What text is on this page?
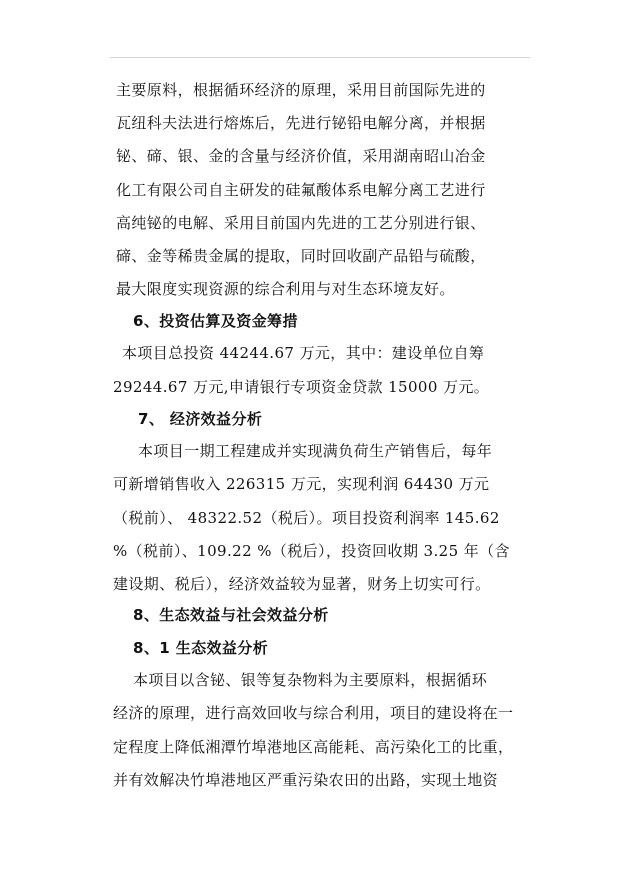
主要原料，根据循环经济的原理，采用目前国际先进的
瓦纽科夫法进行熔炼后，先进行铋铅电解分离，并根据
铋、碲、银、金的含量与经济价值，采用湖南昭山冶金
化工有限公司自主研发的硅氟酸体系电解分离工艺进行
高纯铋的电解、采用目前国内先进的工艺分别进行银、
碲、金等稀贵金属的提取，同时回收副产品铅与硫酸，
最大限度实现资源的综合利用与对生态环境友好。
6、投资估算及资金筹措
本项目总投资 44244.67 万元，其中：建设单位自筹
29244.67 万元,申请银行专项资金贷款 15000 万元。
7、 经济效益分析
本项目一期工程建成并实现满负荷生产销售后，每年
可新增销售收入 226315 万元，实现利润 64430 万元
（税前）、 48322.52（税后）。项目投资利润率 145.62
%（税前）、109.22 %（税后），投资回收期 3.25 年（含
建设期、税后），经济效益较为显著，财务上切实可行。
8、生态效益与社会效益分析
8、1 生态效益分析
本项目以含铋、银等复杂物料为主要原料，根据循环
经济的原理，进行高效回收与综合利用，项目的建设将在一
定程度上降低湘潭竹埠港地区高能耗、高污染化工的比重，
并有效解决竹埠港地区严重污染农田的出路，实现土地资
